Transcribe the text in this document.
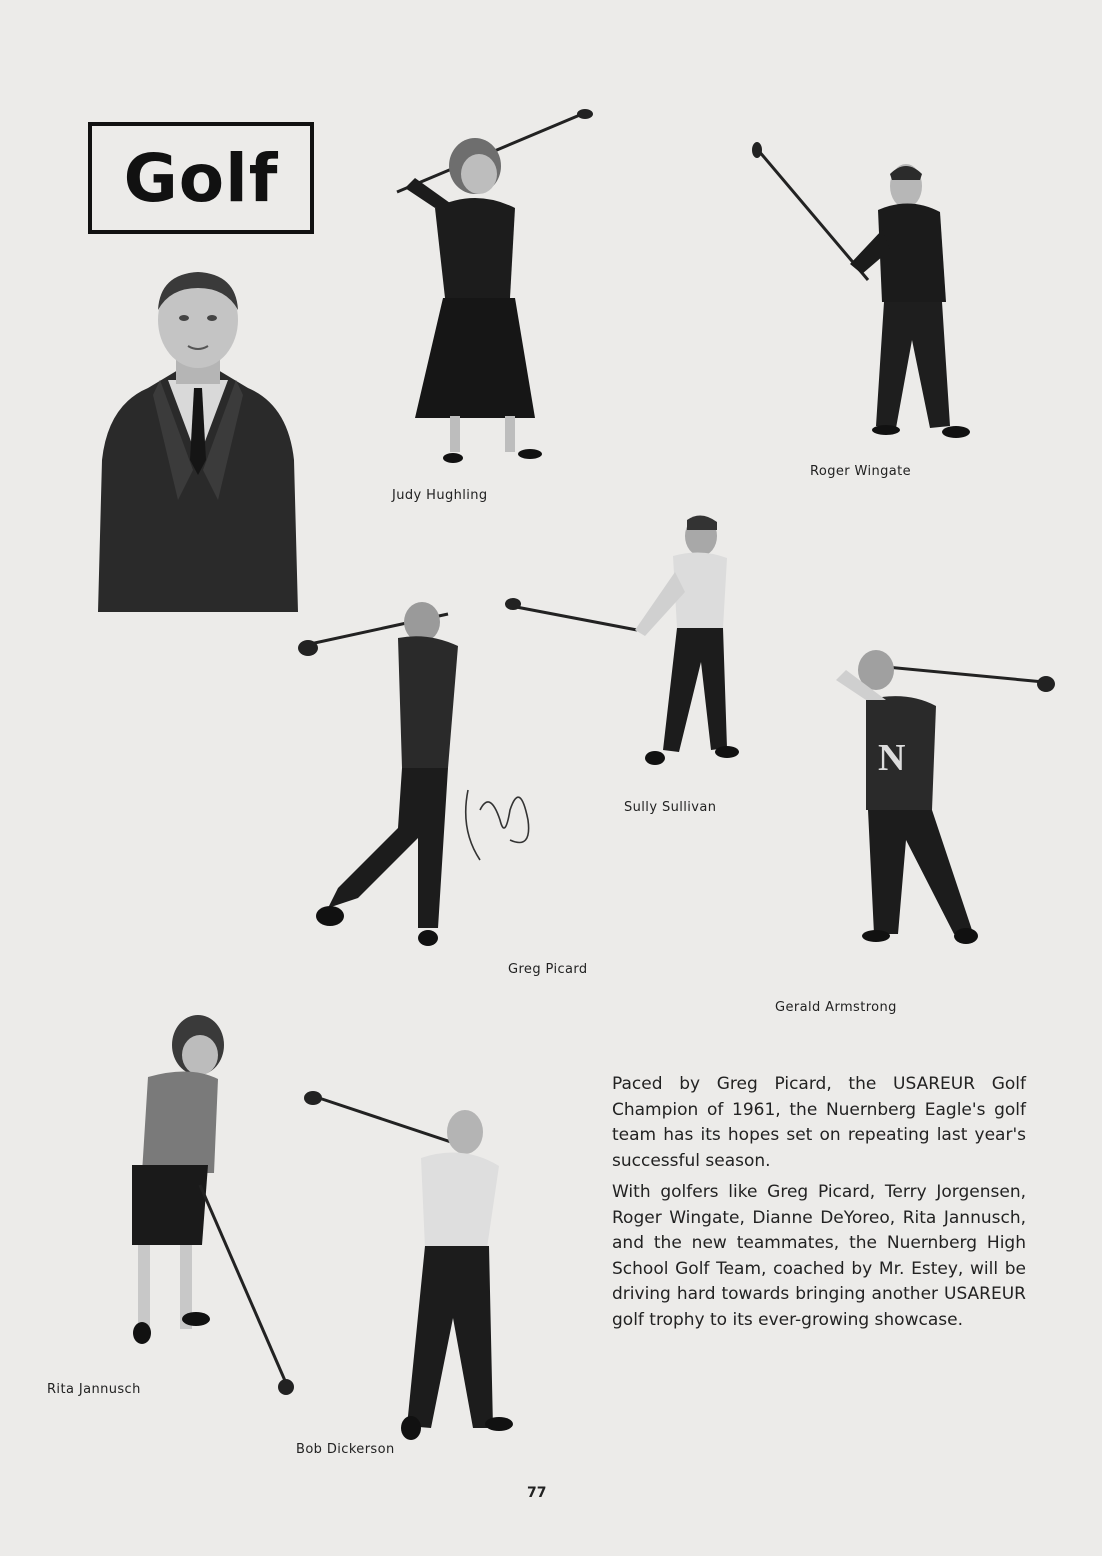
Golf
Judy Hughling
Roger Wingate
Greg Picard
Sully Sullivan
N
Gerald Armstrong
Rita Jannusch
Bob Dickerson

Paced by Greg Picard, the USAREUR Golf Champion of 1961, the Nuernberg Eagle's golf team has its hopes set on repeating last year's successful season.

With golfers like Greg Picard, Terry Jorgensen, Roger Wingate, Dianne DeYoreo, Rita Jannusch, and the new teammates, the Nuernberg High School Golf Team, coached by Mr. Estey, will be driving hard towards bringing another USAREUR golf trophy to its ever-growing showcase.

77
